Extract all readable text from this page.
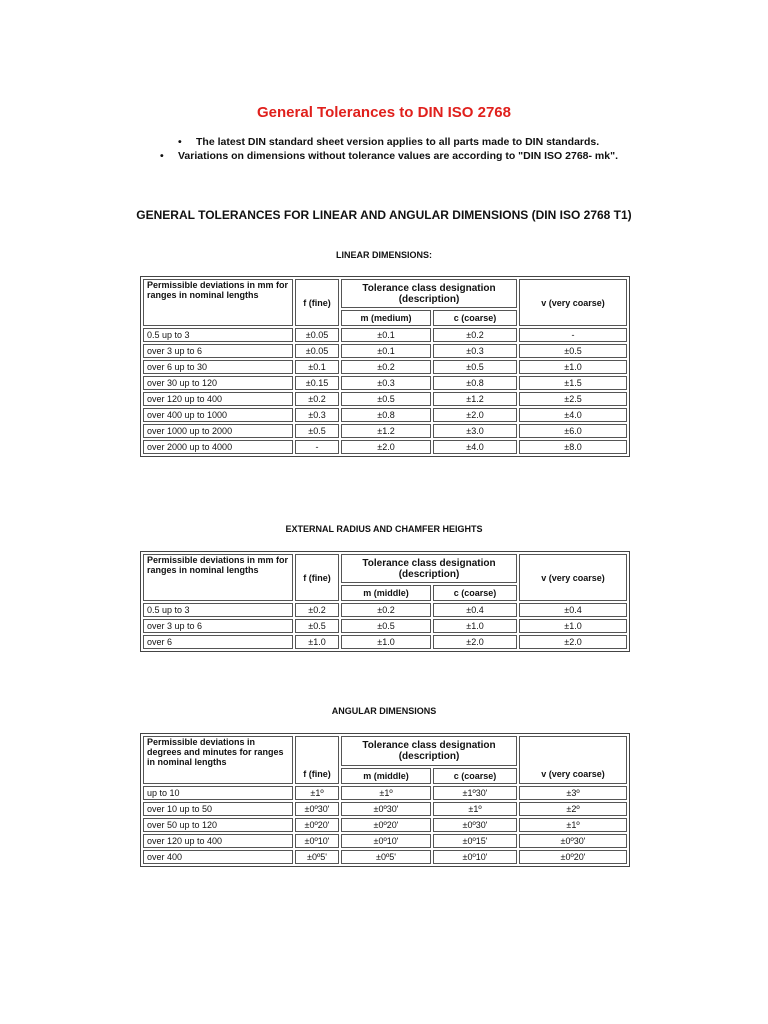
General Tolerances to DIN ISO 2768
• The latest DIN standard sheet version applies to all parts made to DIN standards.
• Variations on dimensions without tolerance values are according to "DIN ISO 2768- mk".
GENERAL TOLERANCES FOR LINEAR AND ANGULAR DIMENSIONS (DIN ISO 2768 T1)
LINEAR DIMENSIONS:
Permissible deviations in mm for ranges in nominal lengths	f (fine)	Tolerance class designation (description)		v (very coarse)
		m (medium)	c (coarse)	
0.5 up to 3	±0.05	±0.1	±0.2	-
over 3 up to 6	±0.05	±0.1	±0.3	±0.5
over 6 up to 30	±0.1	±0.2	±0.5	±1.0
over 30 up to 120	±0.15	±0.3	±0.8	±1.5
over 120 up to 400	±0.2	±0.5	±1.2	±2.5
over 400 up to 1000	±0.3	±0.8	±2.0	±4.0
over 1000 up to 2000	±0.5	±1.2	±3.0	±6.0
over 2000 up to 4000	-	±2.0	±4.0	±8.0
EXTERNAL RADIUS AND CHAMFER HEIGHTS
Permissible deviations in mm for ranges in nominal lengths	f (fine)	Tolerance class designation (description)		v (very coarse)
		m (middle)	c (coarse)	
0.5 up to 3	±0.2	±0.2	±0.4	±0.4
over 3 up to 6	±0.5	±0.5	±1.0	±1.0
over 6	±1.0	±1.0	±2.0	±2.0
ANGULAR DIMENSIONS
Permissible deviations in degrees and minutes for ranges in nominal lengths	f (fine)	Tolerance class designation (description)		v (very coarse)
		m (middle)	c (coarse)	
up to 10	±1º	±1º	±1º30'	±3º
over 10 up to 50	±0º30'	±0º30'	±1º	±2º
over 50 up to 120	±0º20'	±0º20'	±0º30'	±1º
over 120 up to 400	±0º10'	±0º10'	±0º15'	±0º30'
over 400	±0º5'	±0º5'	±0º10'	±0º20'
